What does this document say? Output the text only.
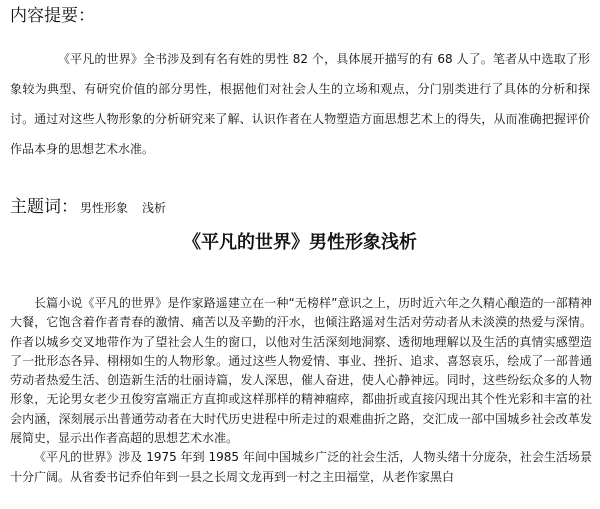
内容提要：

《平凡的世界》全书涉及到有名有姓的男性 82 个，具体展开描写的有 68 人了。笔者从中选取了形象较为典型、有研究价值的部分男性，根据他们对社会人生的立场和观点，分门别类进行了具体的分析和探讨。通过对这些人物形象的分析研究来了解、认识作者在人物塑造方面思想艺术上的得失，从而准确把握评价作品本身的思想艺术水准。

主题词： 男性形象 浅析
《平凡的世界》男性形象浅析

长篇小说《平凡的世界》是作家路遥建立在一种“无榜样”意识之上，历时近六年之久精心酿造的一部精神大餐，它饱含着作者青春的激情、痛苦以及辛勤的汗水，也倾注路遥对生活对劳动者从未淡漠的热爱与深情。作者以城乡交叉地带作为了望社会人生的窗口，以他对生活深刻地洞察、透彻地理解以及生活的真情实感塑造了一批形态各异、栩栩如生的人物形象。通过这些人物爱情、事业、挫折、追求、喜怒哀乐，绘成了一部普通劳动者热爱生活、创造新生活的壮丽诗篇，发人深思，催人奋进，使人心静神远。同时，这些纷纭众多的人物形象，无论男女老少丑俊穷富端正方直抑或这样那样的精神痼瘁，都曲折或直接闪现出其个性光彩和丰富的社会内涵，深刻展示出普通劳动者在大时代历史进程中所走过的艰难曲折之路，交汇成一部中国城乡社会改革发展简史，显示出作者高超的思想艺术水准。

《平凡的世界》涉及 1975 年到 1985 年间中国城乡广泛的社会生活，人物头绪十分庞杂，社会生活场景十分广阔。从省委书记乔伯年到一县之长周文龙再到一村之主田福堂，从老作家黑白
